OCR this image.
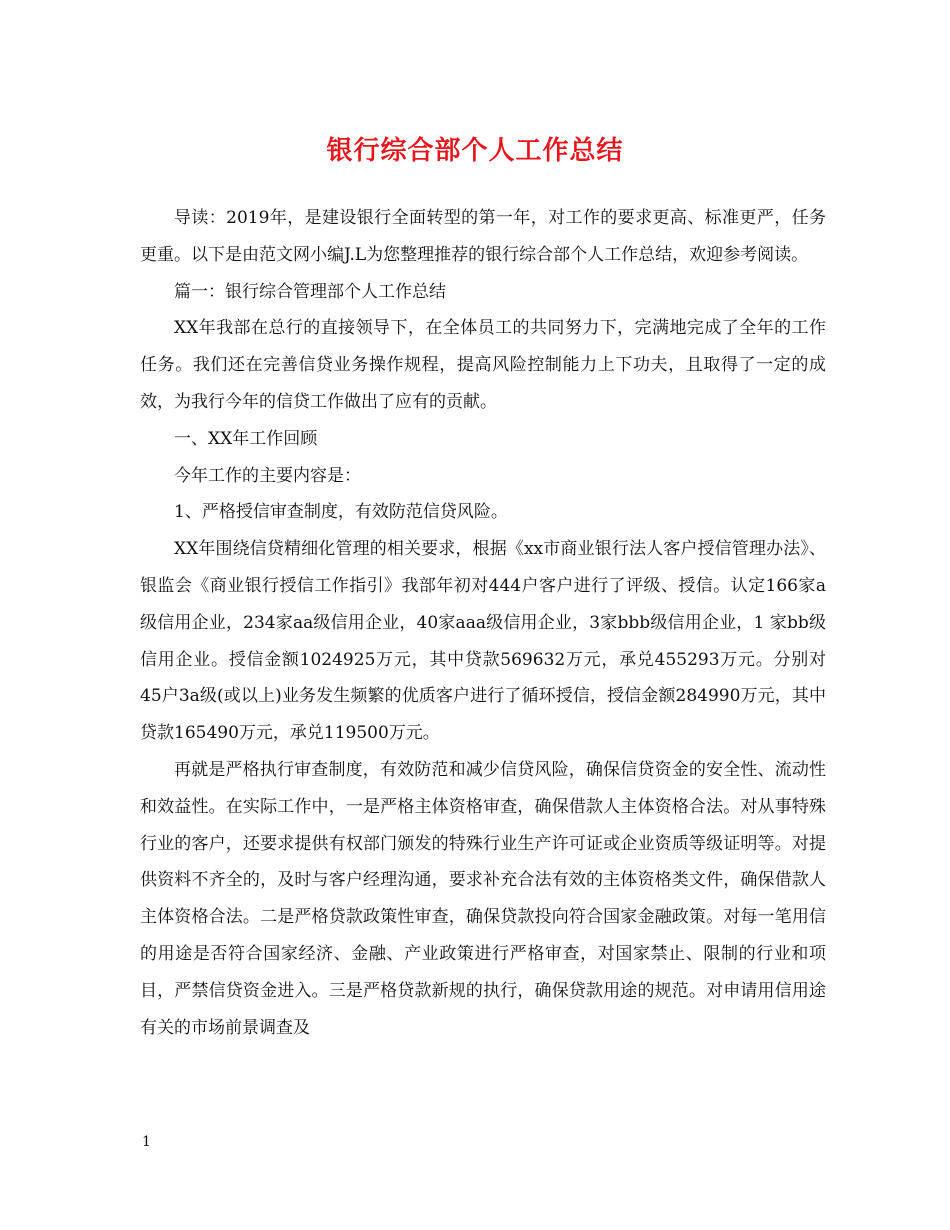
银行综合部个人工作总结

导读：2019年，是建设银行全面转型的第一年，对工作的要求更高、标准更严，任务更重。以下是由范文网小编J.L为您整理推荐的银行综合部个人工作总结，欢迎参考阅读。

篇一：银行综合管理部个人工作总结

XX年我部在总行的直接领导下，在全体员工的共同努力下，完满地完成了全年的工作任务。我们还在完善信贷业务操作规程，提高风险控制能力上下功夫，且取得了一定的成效，为我行今年的信贷工作做出了应有的贡献。

一、XX年工作回顾

今年工作的主要内容是：

1、严格授信审查制度，有效防范信贷风险。

XX年围绕信贷精细化管理的相关要求，根据《xx市商业银行法人客户授信管理办法》、银监会《商业银行授信工作指引》我部年初对444户客户进行了评级、授信。认定166家a级信用企业，234家aa级信用企业，40家aaa级信用企业，3家bbb级信用企业，1 家bb级信用企业。授信金额1024925万元，其中贷款569632万元，承兑455293万元。分别对45户3a级(或以上)业务发生频繁的优质客户进行了循环授信，授信金额284990万元，其中贷款165490万元，承兑119500万元。

再就是严格执行审查制度，有效防范和减少信贷风险，确保信贷资金的安全性、流动性和效益性。在实际工作中，一是严格主体资格审查，确保借款人主体资格合法。对从事特殊行业的客户，还要求提供有权部门颁发的特殊行业生产许可证或企业资质等级证明等。对提供资料不齐全的，及时与客户经理沟通，要求补充合法有效的主体资格类文件，确保借款人主体资格合法。二是严格贷款政策性审查，确保贷款投向符合国家金融政策。对每一笔用信的用途是否符合国家经济、金融、产业政策进行严格审查，对国家禁止、限制的行业和项目，严禁信贷资金进入。三是严格贷款新规的执行，确保贷款用途的规范。对申请用信用途有关的市场前景调查及

1
